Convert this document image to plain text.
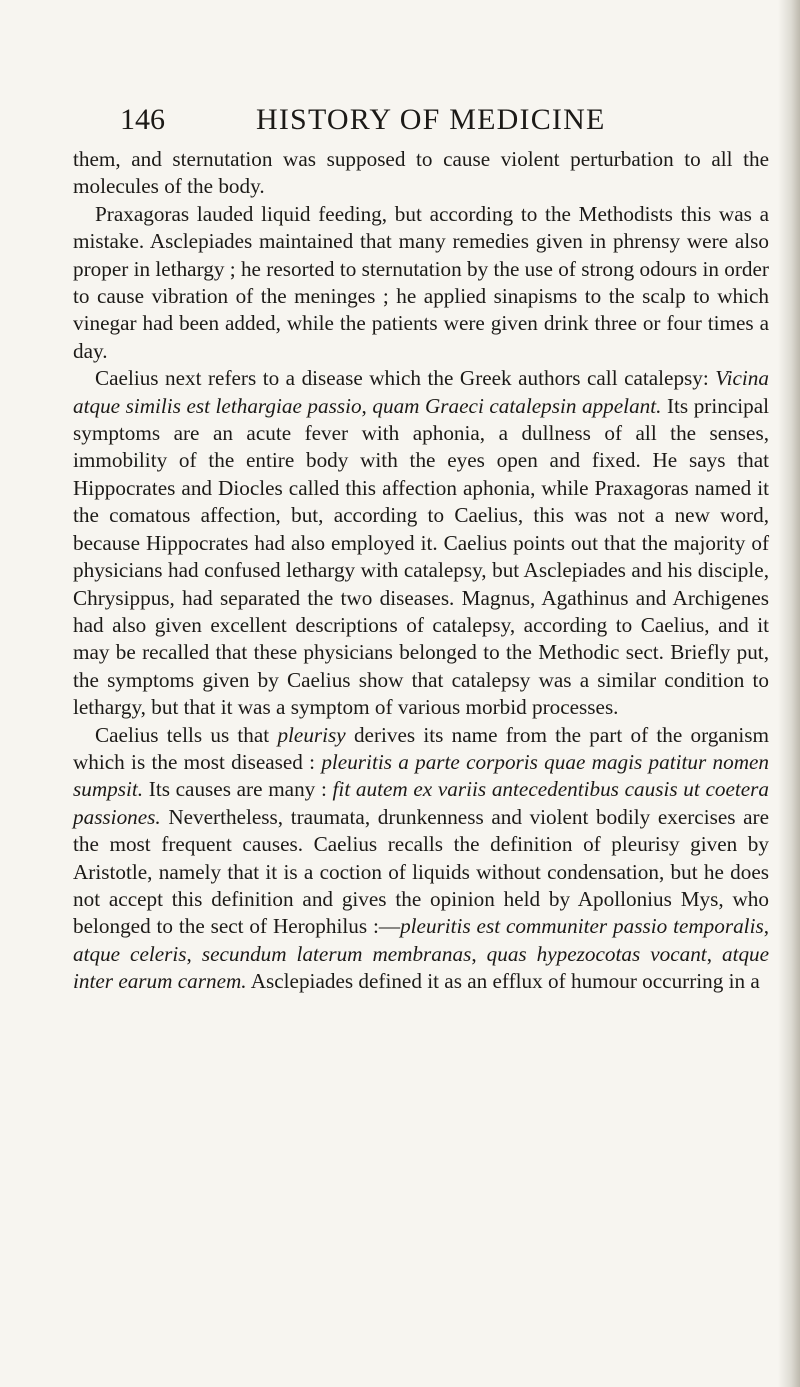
146	HISTORY OF MEDICINE

them, and sternutation was supposed to cause violent perturbation to all the molecules of the body.

Praxagoras lauded liquid feeding, but according to the Methodists this was a mistake. Asclepiades maintained that many remedies given in phrensy were also proper in lethargy ; he resorted to sternutation by the use of strong odours in order to cause vibration of the meninges ; he applied sinapisms to the scalp to which vinegar had been added, while the patients were given drink three or four times a day.

Caelius next refers to a disease which the Greek authors call catalepsy: Vicina atque similis est lethargiae passio, quam Graeci catalepsin appelant. Its principal symptoms are an acute fever with aphonia, a dullness of all the senses, immobility of the entire body with the eyes open and fixed. He says that Hippocrates and Diocles called this affection aphonia, while Praxagoras named it the comatous affection, but, according to Caelius, this was not a new word, because Hippocrates had also employed it. Caelius points out that the majority of physicians had confused lethargy with catalepsy, but Asclepiades and his disciple, Chrysippus, had separated the two diseases. Magnus, Agathinus and Archigenes had also given excellent descriptions of catalepsy, according to Caelius, and it may be recalled that these physicians belonged to the Methodic sect. Briefly put, the symptoms given by Caelius show that catalepsy was a similar condition to lethargy, but that it was a symptom of various morbid processes.

Caelius tells us that pleurisy derives its name from the part of the organism which is the most diseased : pleuritis a parte corporis quae magis patitur nomen sumpsit. Its causes are many : fit autem ex variis antecedentibus causis ut coetera passiones. Nevertheless, traumata, drunkenness and violent bodily exercises are the most frequent causes. Caelius recalls the definition of pleurisy given by Aristotle, namely that it is a coction of liquids without condensation, but he does not accept this definition and gives the opinion held by Apollonius Mys, who belonged to the sect of Herophilus :—pleuritis est communiter passio temporalis, atque celeris, secundum laterum membranas, quas hypezocotas vocant, atque inter earum carnem. Asclepiades defined it as an efflux of humour occurring in a
